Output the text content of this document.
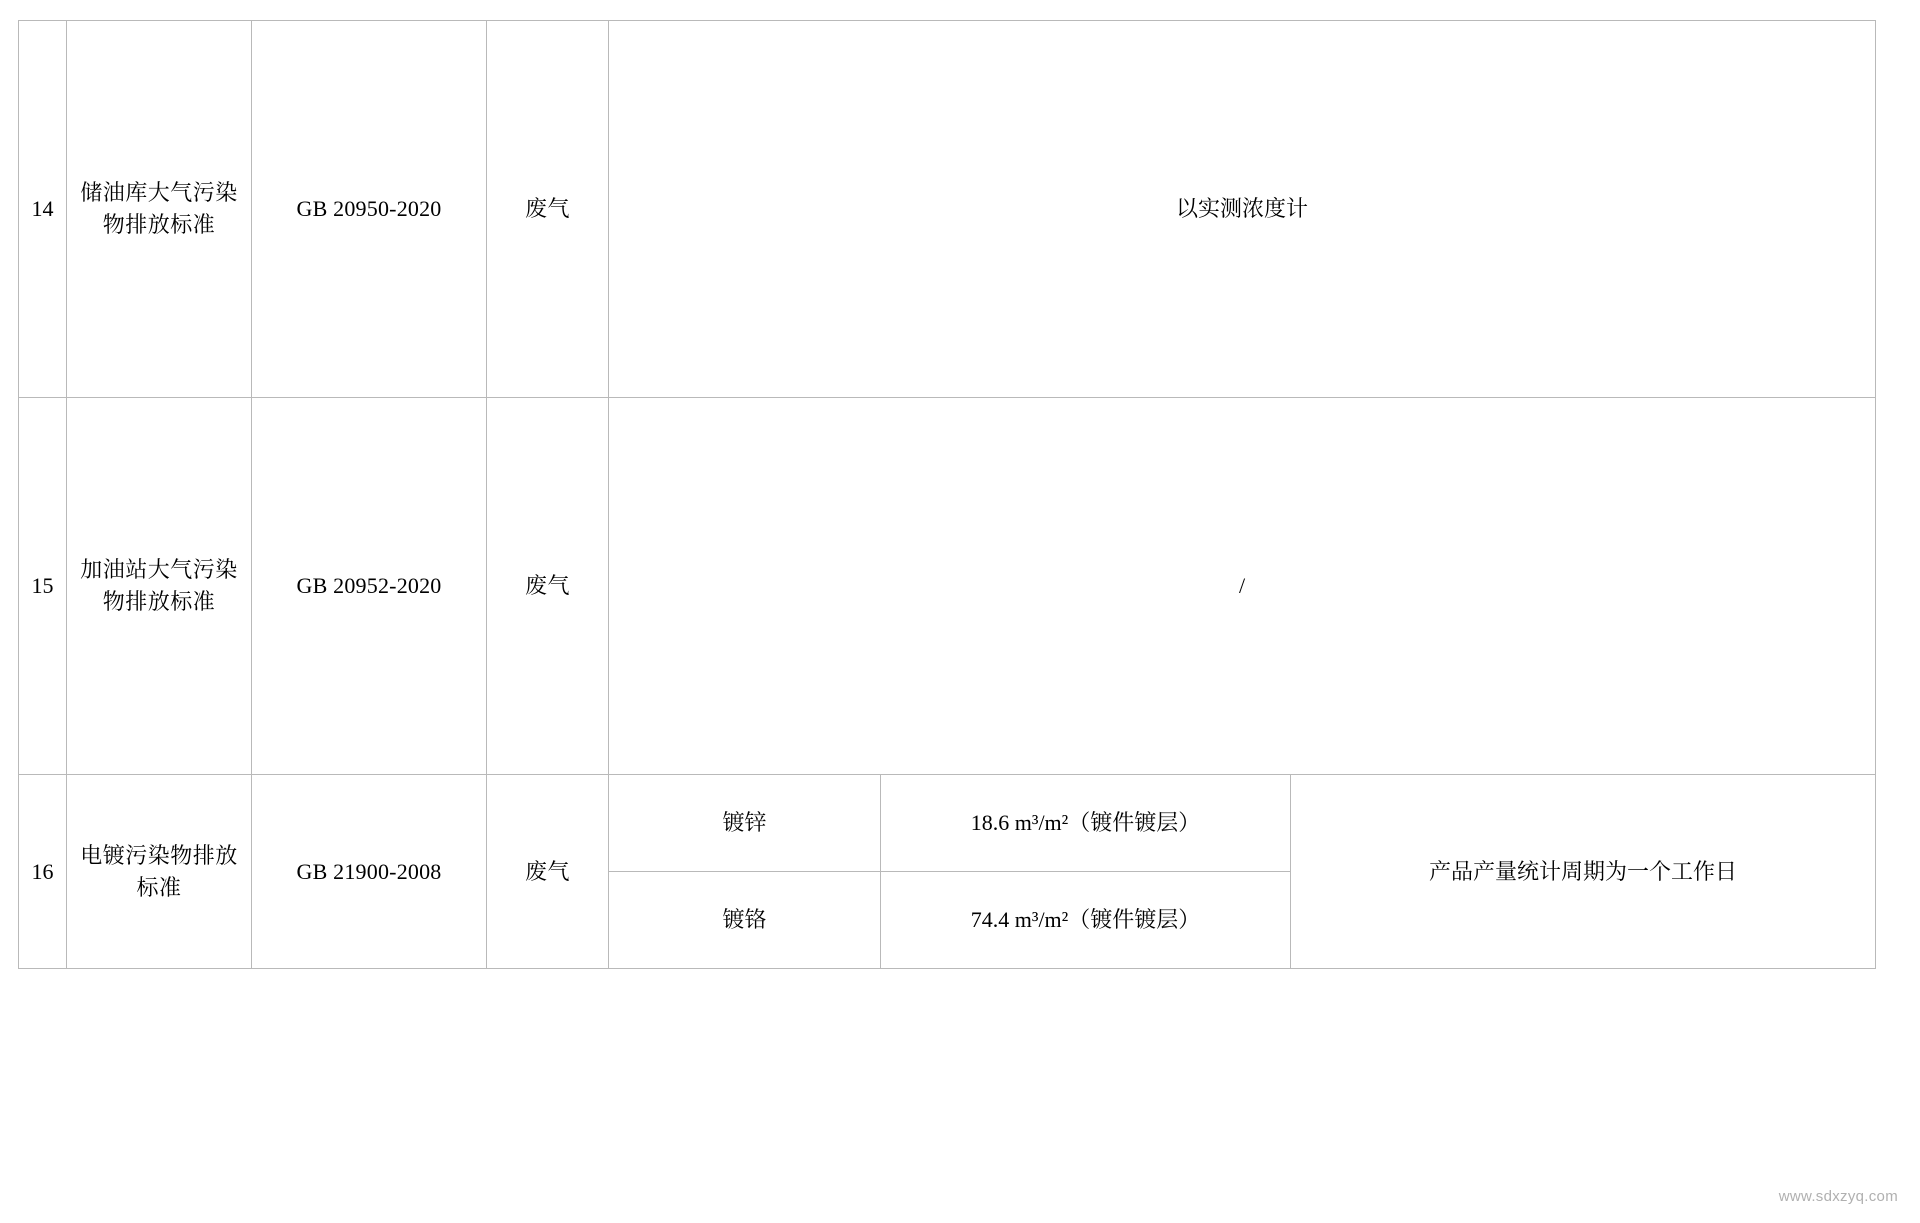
14	储油库大气污染物排放标准	GB 20950-2020	废气	以实测浓度计		
15	加油站大气污染物排放标准	GB 20952-2020	废气	/		
16	电镀污染物排放标准	GB 21900-2008	废气	镀锌	18.6 m³/m²（镀件镀层）	产品产量统计周期为一个工作日
				镀铬	74.4 m³/m²（镀件镀层）	
www.sdxzyq.com
